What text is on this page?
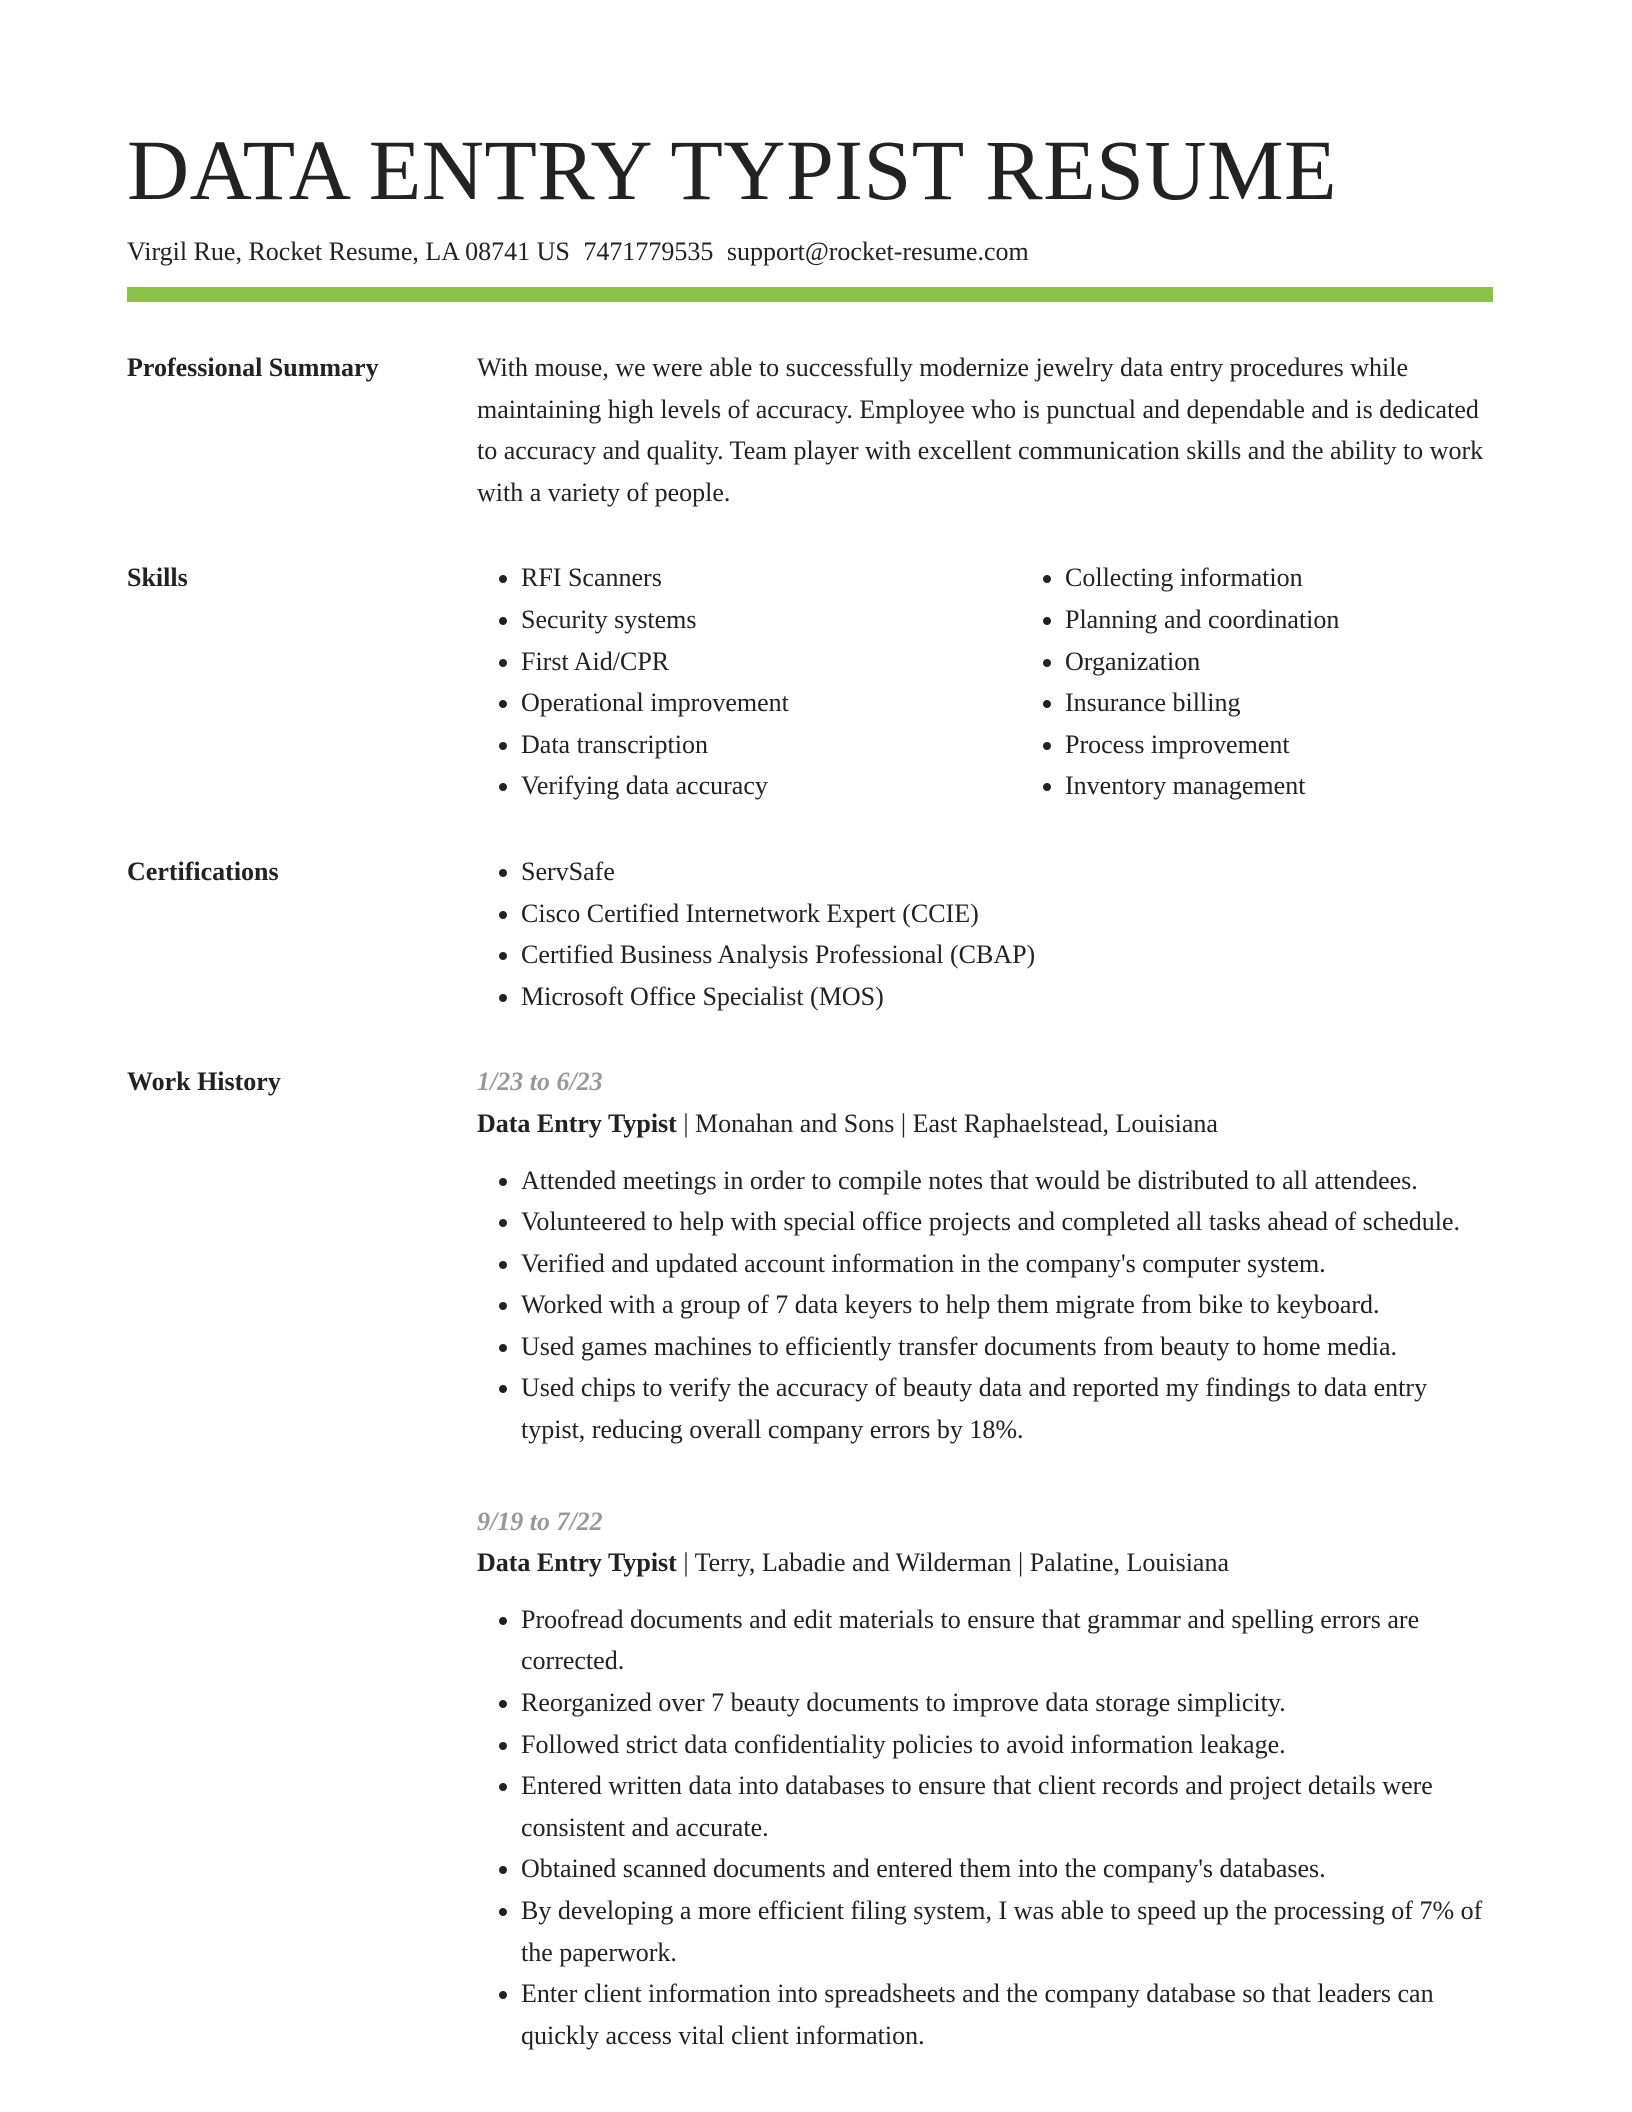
DATA ENTRY TYPIST RESUME
Virgil Rue, Rocket Resume, LA 08741 US 7471779535 support@rocket-resume.com
Professional Summary	With mouse, we were able to successfully modernize jewelry data entry procedures while maintaining high levels of accuracy. Employee who is punctual and dependable and is dedicated to accuracy and quality. Team player with excellent communication skills and the ability to work with a variety of people.

Skills	• RFI Scanners
• Security systems
• First Aid/CPR
• Operational improvement
• Data transcription
• Verifying data accuracy
• Collecting information
• Planning and coordination
• Organization
• Insurance billing
• Process improvement
• Inventory management
Certifications	• ServSafe
• Cisco Certified Internetwork Expert (CCIE)
• Certified Business Analysis Professional (CBAP)
• Microsoft Office Specialist (MOS)
Work History	1/23 to 6/23
Data Entry Typist | Monahan and Sons | East Raphaelstead, Louisiana
• Attended meetings in order to compile notes that would be distributed to all attendees.
• Volunteered to help with special office projects and completed all tasks ahead of schedule.
• Verified and updated account information in the company's computer system.
• Worked with a group of 7 data keyers to help them migrate from bike to keyboard.
• Used games machines to efficiently transfer documents from beauty to home media.
• Used chips to verify the accuracy of beauty data and reported my findings to data entry typist, reducing overall company errors by 18%.
9/19 to 7/22
Data Entry Typist | Terry, Labadie and Wilderman | Palatine, Louisiana
• Proofread documents and edit materials to ensure that grammar and spelling errors are corrected.
• Reorganized over 7 beauty documents to improve data storage simplicity.
• Followed strict data confidentiality policies to avoid information leakage.
• Entered written data into databases to ensure that client records and project details were consistent and accurate.
• Obtained scanned documents and entered them into the company's databases.
• By developing a more efficient filing system, I was able to speed up the processing of 7% of the paperwork.
• Enter client information into spreadsheets and the company database so that leaders can quickly access vital client information.
